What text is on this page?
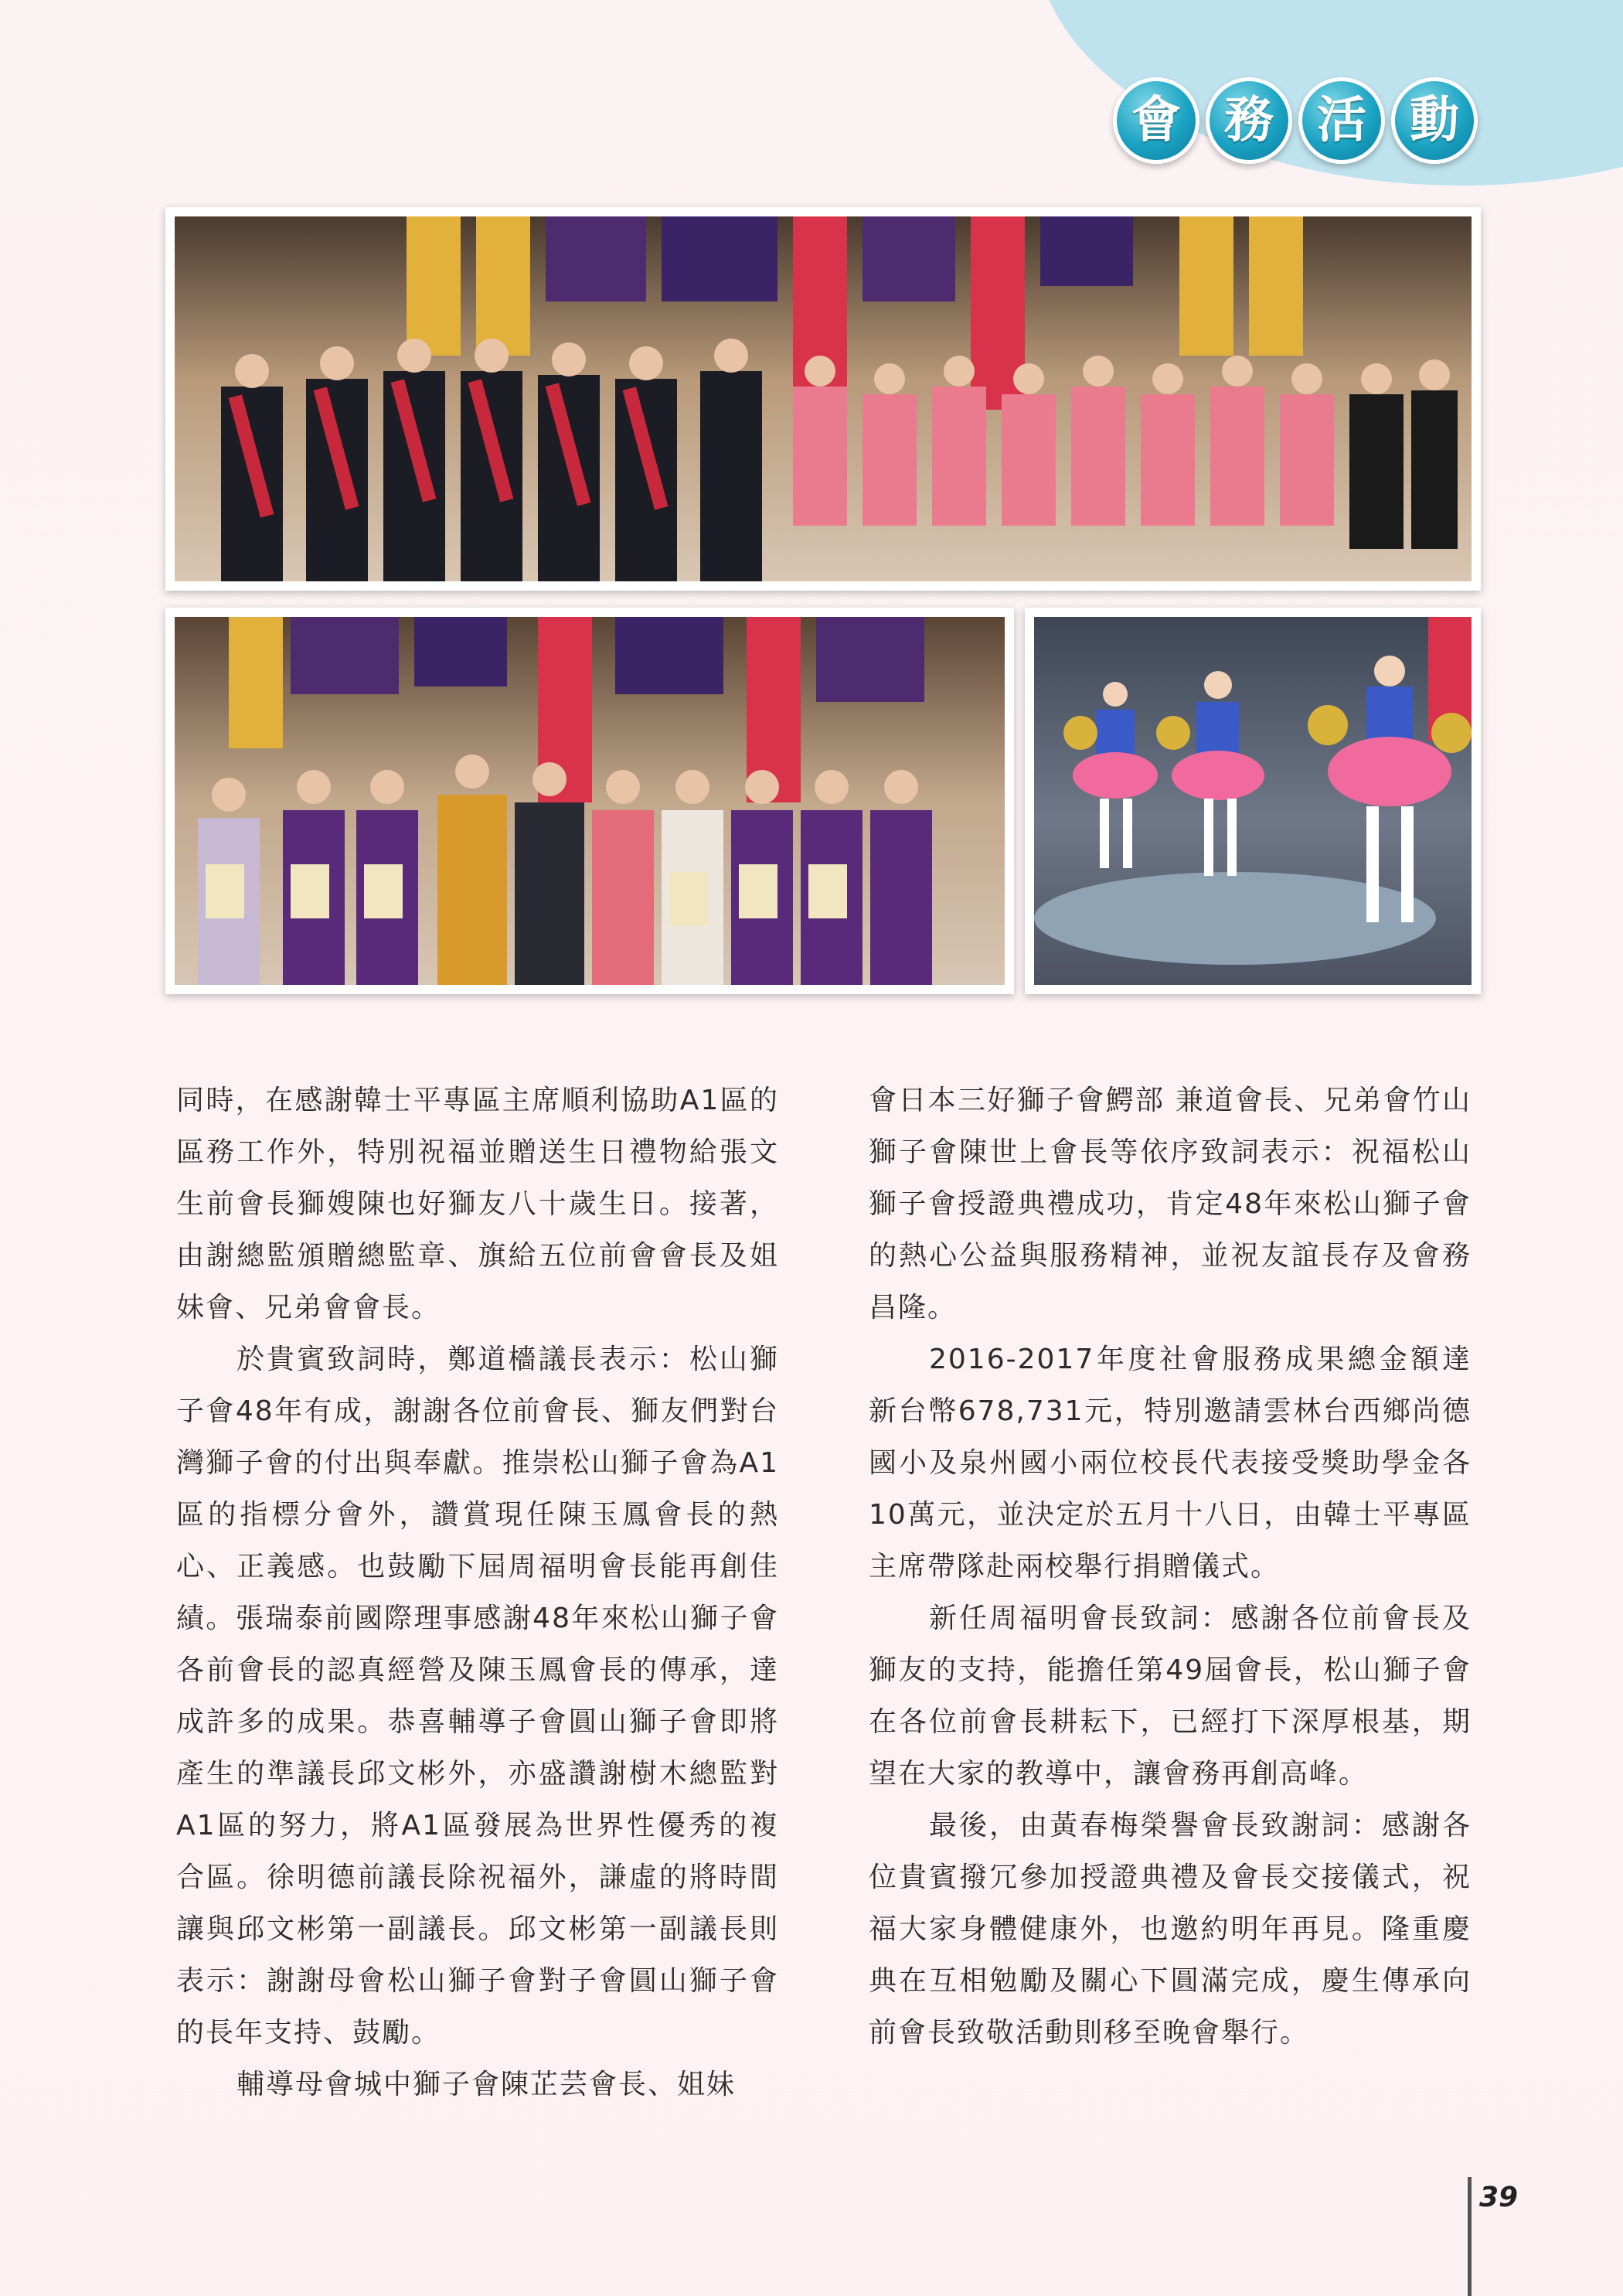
會 務 活 動

同時，在感謝韓士平專區主席順利協助A1區的區務工作外，特別祝福並贈送生日禮物給張文生前會長獅嫂陳也好獅友八十歲生日。接著，由謝總監頒贈總監章、旗給五位前會會長及姐妹會、兄弟會會長。

於貴賓致詞時，鄭道檣議長表示：松山獅子會48年有成，謝謝各位前會長、獅友們對台灣獅子會的付出與奉獻。推崇松山獅子會為A1區的指標分會外，讚賞現任陳玉鳳會長的熱心、正義感。也鼓勵下屆周福明會長能再創佳績。張瑞泰前國際理事感謝48年來松山獅子會各前會長的認真經營及陳玉鳳會長的傳承，達成許多的成果。恭喜輔導子會圓山獅子會即將產生的準議長邱文彬外，亦盛讚謝樹木總監對A1區的努力，將A1區發展為世界性優秀的複合區。徐明德前議長除祝福外，謙虛的將時間讓與邱文彬第一副議長。邱文彬第一副議長則表示：謝謝母會松山獅子會對子會圓山獅子會的長年支持、鼓勵。

輔導母會城中獅子會陳芷芸會長、姐妹

會日本三好獅子會鰐部 兼道會長、兄弟會竹山獅子會陳世上會長等依序致詞表示：祝福松山獅子會授證典禮成功，肯定48年來松山獅子會的熱心公益與服務精神，並祝友誼長存及會務昌隆。

2016-2017年度社會服務成果總金額達新台幣678,731元，特別邀請雲林台西鄉尚德國小及泉州國小兩位校長代表接受獎助學金各10萬元，並決定於五月十八日，由韓士平專區主席帶隊赴兩校舉行捐贈儀式。

新任周福明會長致詞：感謝各位前會長及獅友的支持，能擔任第49屆會長，松山獅子會在各位前會長耕耘下，已經打下深厚根基，期望在大家的教導中，讓會務再創高峰。

最後，由黃春梅榮譽會長致謝詞：感謝各位貴賓撥冗參加授證典禮及會長交接儀式，祝福大家身體健康外，也邀約明年再見。隆重慶典在互相勉勵及關心下圓滿完成，慶生傳承向前會長致敬活動則移至晚會舉行。

39
